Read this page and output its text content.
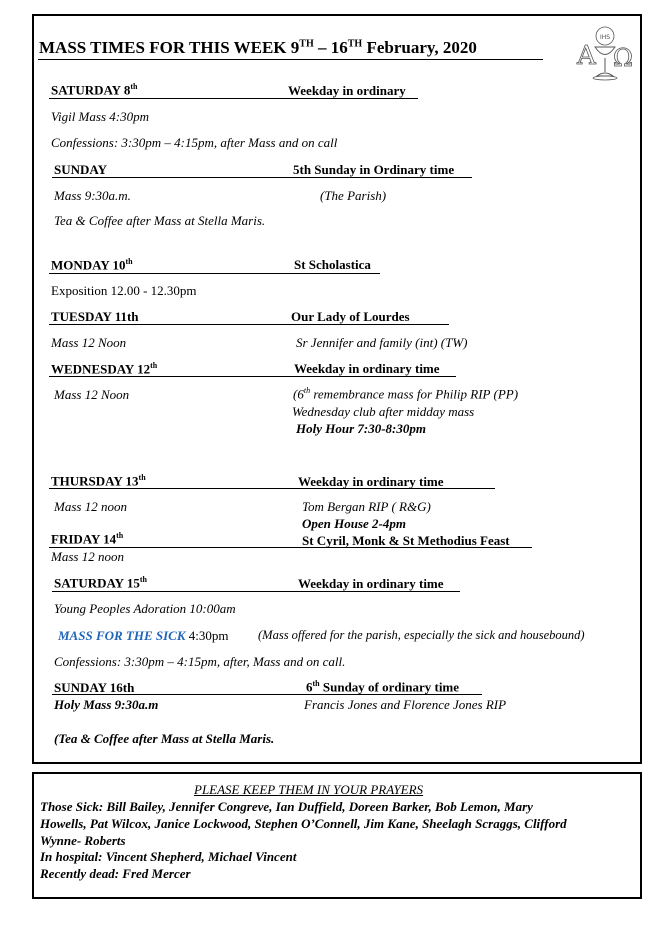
MASS TIMES FOR THIS WEEK 9TH – 16TH February, 2020	A Ω
IHS
SATURDAY 8th	Weekday in ordinary
Vigil Mass 4:30pm
Confessions: 3:30pm – 4:15pm, after Mass and on call
SUNDAY	5th Sunday in Ordinary time
Mass 9:30a.m.	(The Parish)
Tea & Coffee after Mass at Stella Maris.
MONDAY 10th	St Scholastica
Exposition 12.00 - 12.30pm
TUESDAY 11th	Our Lady of Lourdes
Mass 12 Noon	Sr Jennifer and family (int) (TW)
WEDNESDAY 12th	Weekday in ordinary time
Mass 12 Noon	(6th remembrance mass for Philip RIP (PP)
Wednesday club after midday mass
Holy Hour 7:30-8:30pm
THURSDAY 13th	Weekday in ordinary time
Mass 12 noon	Tom Bergan RIP ( R&G)
Open House 2-4pm
FRIDAY 14th	St Cyril, Monk & St Methodius Feast
Mass 12 noon
SATURDAY 15th	Weekday in ordinary time
Young Peoples Adoration 10:00am
MASS FOR THE SICK 4:30pm (Mass offered for the parish, especially the sick and housebound)
Confessions: 3:30pm – 4:15pm, after, Mass and on call.
SUNDAY 16th	6th Sunday of ordinary time
Holy Mass 9:30a.m	Francis Jones and Florence Jones RIP
(Tea & Coffee after Mass at Stella Maris.
PLEASE KEEP THEM IN YOUR PRAYERS
Those Sick: Bill Bailey, Jennifer Congreve, Ian Duffield, Doreen Barker, Bob Lemon, Mary
Howells, Pat Wilcox, Janice Lockwood, Stephen O’Connell, Jim Kane, Sheelagh Scraggs, Clifford
Wynne- Roberts
In hospital: Vincent Shepherd, Michael Vincent
Recently dead: Fred Mercer
